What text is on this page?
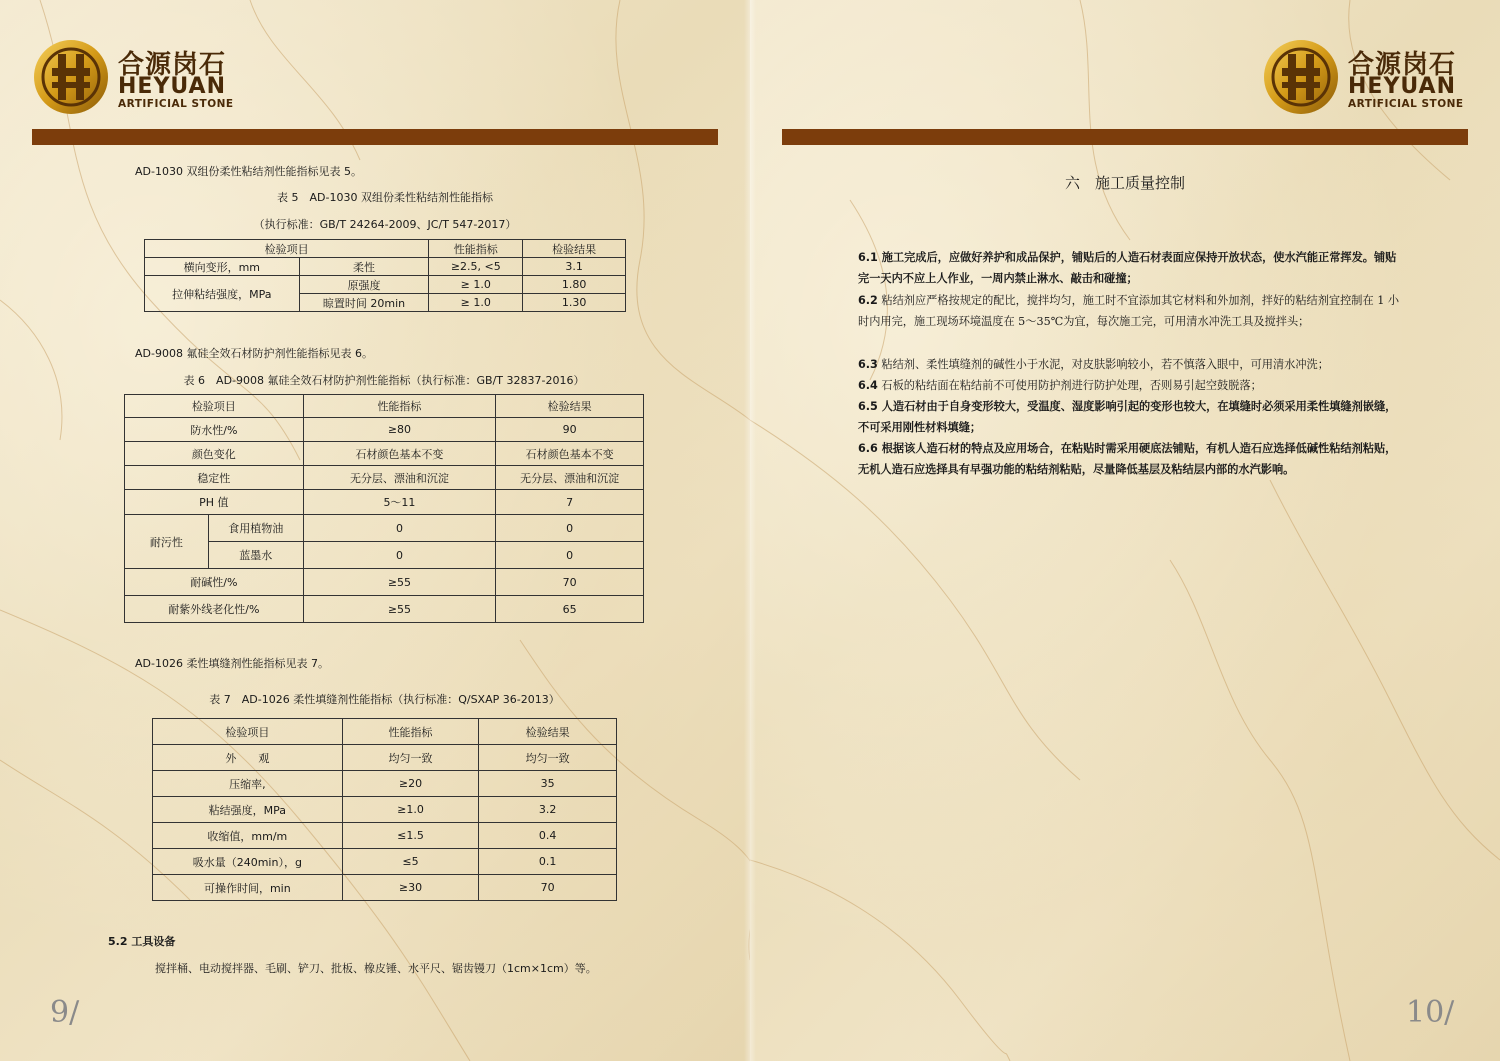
合源岗石
HEYUAN
ARTIFICIAL STONE
AD-1030 双组份柔性粘结剂性能指标见表 5。
表 5　AD-1030 双组份柔性粘结剂性能指标
（执行标准：GB/T 24264-2009、JC/T 547-2017）
检验项目		性能指标	检验结果
横向变形，mm	柔性	≥2.5, <5	3.1
拉伸粘结强度，MPa	原强度	≥ 1.0	1.80
	晾置时间 20min	≥ 1.0	1.30
AD-9008 氟硅全效石材防护剂性能指标见表 6。
表 6　AD-9008 氟硅全效石材防护剂性能指标（执行标准：GB/T 32837-2016）
检验项目		性能指标	检验结果
防水性/%		≥80	90
颜色变化		石材颜色基本不变	石材颜色基本不变
稳定性		无分层、漂油和沉淀	无分层、漂油和沉淀
PH 值		5～11	7
耐污性	食用植物油	0	0
	蓝墨水	0	0
耐碱性/%		≥55	70
耐紫外线老化性/%		≥55	65
AD-1026 柔性填缝剂性能指标见表 7。
表 7　AD-1026 柔性填缝剂性能指标（执行标准：Q/SXAP 36-2013）
检验项目	性能指标	检验结果
外　　观	均匀一致	均匀一致
压缩率,	≥20	35
粘结强度，MPa	≥1.0	3.2
收缩值，mm/m	≤1.5	0.4
吸水量（240min），g	≤5	0.1
可操作时间，min	≥30	70
5.2 工具设备
搅拌桶、电动搅拌器、毛刷、铲刀、批板、橡皮锤、水平尺、锯齿镘刀（1cm×1cm）等。
9/
合源岗石
HEYUAN
ARTIFICIAL STONE
六　施工质量控制
6.1 施工完成后，应做好养护和成品保护，铺贴后的人造石材表面应保持开放状态，使水汽能正常挥发。铺贴完一天内不应上人作业，一周内禁止淋水、敲击和碰撞；
6.2 粘结剂应严格按规定的配比，搅拌均匀，施工时不宜添加其它材料和外加剂，拌好的粘结剂宜控制在 1 小时内用完，施工现场环境温度在 5～35℃为宜，每次施工完，可用清水冲洗工具及搅拌头；
6.3 粘结剂、柔性填缝剂的碱性小于水泥，对皮肤影响较小，若不慎落入眼中，可用清水冲洗；
6.4 石板的粘结面在粘结前不可使用防护剂进行防护处理，否则易引起空鼓脱落；
6.5 人造石材由于自身变形较大，受温度、湿度影响引起的变形也较大，在填缝时必须采用柔性填缝剂嵌缝，不可采用刚性材料填缝；
6.6 根据该人造石材的特点及应用场合，在粘贴时需采用硬底法铺贴，有机人造石应选择低碱性粘结剂粘贴，无机人造石应选择具有早强功能的粘结剂粘贴，尽量降低基层及粘结层内部的水汽影响。
10/
